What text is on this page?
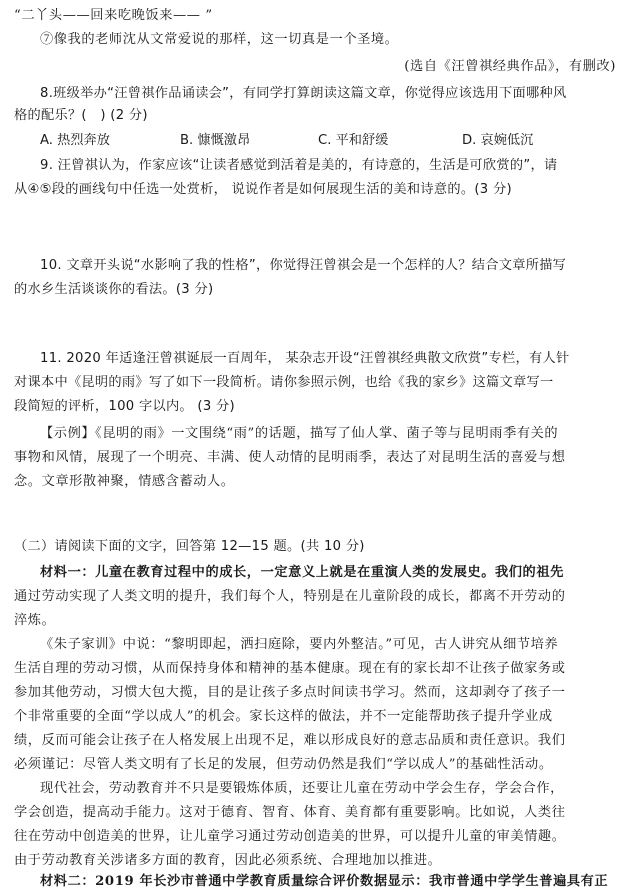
“二丫头——回来吃晚饭来—— ”
⑦像我的老师沈从文常爱说的那样，这一切真是一个圣境。
(选自《汪曾祺经典作品》，有删改)
8.班级举办“汪曾祺作品诵读会”，有同学打算朗读这篇文章，你觉得应该选用下面哪种风
格的配乐？(　) (2 分)
A. 热烈奔放	B. 慷慨激昂	C. 平和舒缓	D. 哀婉低沉
9. 汪曾祺认为，作家应该“让读者感觉到活着是美的，有诗意的，生活是可欣赏的”，请
从④⑤段的画线句中任选一处赏析， 说说作者是如何展现生活的美和诗意的。(3 分)
10. 文章开头说“水影响了我的性格”，你觉得汪曾祺会是一个怎样的人？结合文章所描写
的水乡生活谈谈你的看法。(3 分)
11. 2020 年适逢汪曾祺诞辰一百周年， 某杂志开设“汪曾祺经典散文欣赏”专栏，有人针
对课本中《昆明的雨》写了如下一段简析。请你参照示例，也给《我的家乡》这篇文章写一
段简短的评析，100 字以内。 (3 分)
【示例】《昆明的雨》一文围绕“雨”的话题，描写了仙人掌、菌子等与昆明雨季有关的
事物和风情，展现了一个明亮、丰满、使人动情的昆明雨季，表达了对昆明生活的喜爱与想
念。文章形散神聚，情感含蓄动人。
（二）请阅读下面的文字，回答第 12—15 题。(共 10 分)
材料一：儿童在教育过程中的成长，一定意义上就是在重演人类的发展史。我们的祖先
通过劳动实现了人类文明的提升，我们每个人，特别是在儿童阶段的成长，都离不开劳动的
淬炼。
《朱子家训》中说：“黎明即起，洒扫庭除，要内外整洁。”可见，古人讲究从细节培养
生活自理的劳动习惯，从而保持身体和精神的基本健康。现在有的家长却不让孩子做家务或
参加其他劳动，习惯大包大揽，目的是让孩子多点时间读书学习。然而，这却剥夺了孩子一
个非常重要的全面“学以成人”的机会。家长这样的做法，并不一定能帮助孩子提升学业成
绩，反而可能会让孩子在人格发展上出现不足，难以形成良好的意志品质和责任意识。我们
必须谨记：尽管人类文明有了长足的发展，但劳动仍然是我们“学以成人”的基础性活动。
现代社会，劳动教育并不只是要锻炼体质，还要让儿童在劳动中学会生存，学会合作，
学会创造，提高动手能力。这对于德育、智育、体育、美育都有重要影响。比如说，人类往
往在劳动中创造美的世界，让儿童学习通过劳动创造美的世界，可以提升儿童的审美情趣。
由于劳动教育关涉诸多方面的教育，因此必须系统、合理地加以推进。
材料二：2019 年长沙市普通中学教育质量综合评价数据显示：我市普通中学学生普遍具有正
